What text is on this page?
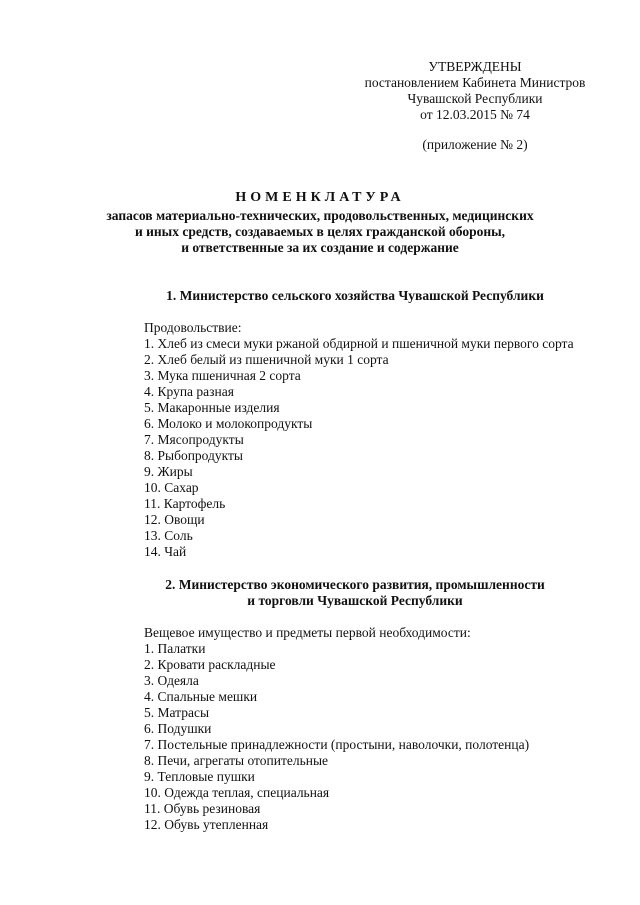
УТВЕРЖДЕНЫ
постановлением Кабинета Министров
Чувашской Республики
от 12.03.2015 № 74
(приложение № 2)
НОМЕНКЛАТУРА
запасов материально-технических, продовольственных, медицинских
и иных средств, создаваемых в целях гражданской обороны,
и ответственные за их создание и содержание
1. Министерство сельского хозяйства Чувашской Республики
Продовольствие:
1. Хлеб из смеси муки ржаной обдирной и пшеничной муки первого сорта
2. Хлеб белый из пшеничной муки 1 сорта
3. Мука пшеничная 2 сорта
4. Крупа разная
5. Макаронные изделия
6. Молоко и молокопродукты
7. Мясопродукты
8. Рыбопродукты
9. Жиры
10. Сахар
11. Картофель
12. Овощи
13. Соль
14. Чай
2. Министерство экономического развития, промышленности
и торговли Чувашской Республики
Вещевое имущество и предметы первой необходимости:
1. Палатки
2. Кровати раскладные
3. Одеяла
4. Спальные мешки
5. Матрасы
6. Подушки
7. Постельные принадлежности (простыни, наволочки, полотенца)
8. Печи, агрегаты отопительные
9. Тепловые пушки
10. Одежда теплая, специальная
11. Обувь резиновая
12. Обувь утепленная
